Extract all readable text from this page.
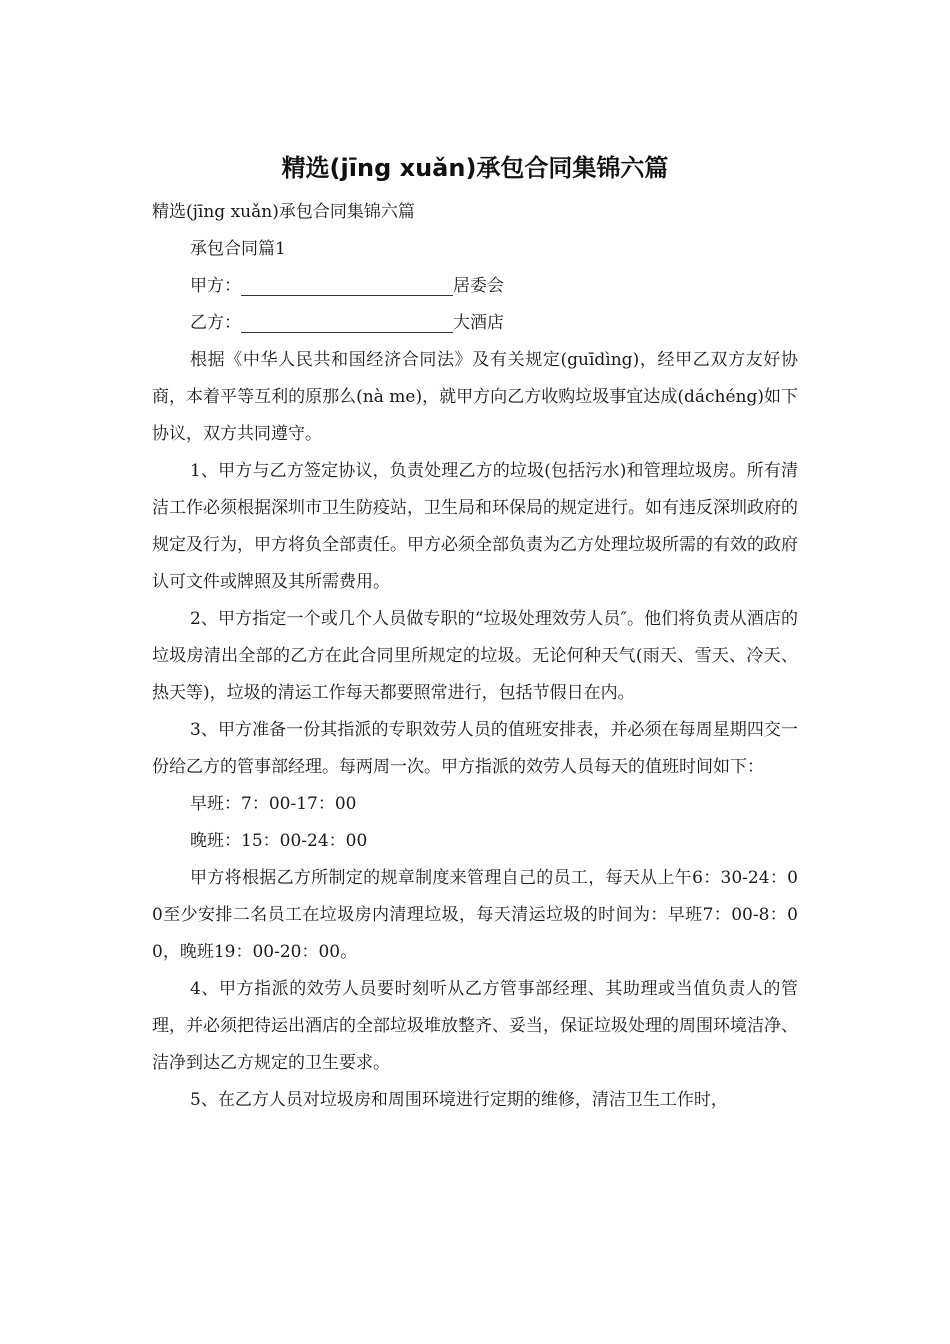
精选(jīng xuǎn)承包合同集锦六篇

精选(jīng xuǎn)承包合同集锦六篇

承包合同篇1

甲方：	居委会

乙方：	大酒店

根据《中华人民共和国经济合同法》及有关规定(guīdìng)，经甲乙双方友好协商，本着平等互利的原那么(nà me)，就甲方向乙方收购垃圾事宜达成(dáchéng)如下协议，双方共同遵守。

1、甲方与乙方签定协议，负责处理乙方的垃圾(包括污水)和管理垃圾房。所有清洁工作必须根据深圳市卫生防疫站，卫生局和环保局的规定进行。如有违反深圳政府的规定及行为，甲方将负全部责任。甲方必须全部负责为乙方处理垃圾所需的有效的政府认可文件或牌照及其所需费用。

2、甲方指定一个或几个人员做专职的“垃圾处理效劳人员″。他们将负责从酒店的垃圾房清出全部的乙方在此合同里所规定的垃圾。无论何种天气(雨天、雪天、冷天、热天等)，垃圾的清运工作每天都要照常进行，包括节假日在内。

3、甲方准备一份其指派的专职效劳人员的值班安排表，并必须在每周星期四交一份给乙方的管事部经理。每两周一次。甲方指派的效劳人员每天的值班时间如下：

早班：7：00-17：00

晚班：15：00-24：00

甲方将根据乙方所制定的规章制度来管理自己的员工，每天从上午6：30-24：00至少安排二名员工在垃圾房内清理垃圾，每天清运垃圾的时间为：早班7：00-8：00，晚班19：00-20：00。

4、甲方指派的效劳人员要时刻听从乙方管事部经理、其助理或当值负责人的管理，并必须把待运出酒店的全部垃圾堆放整齐、妥当，保证垃圾处理的周围环境洁净、洁净到达乙方规定的卫生要求。

5、在乙方人员对垃圾房和周围环境进行定期的维修，清洁卫生工作时，
